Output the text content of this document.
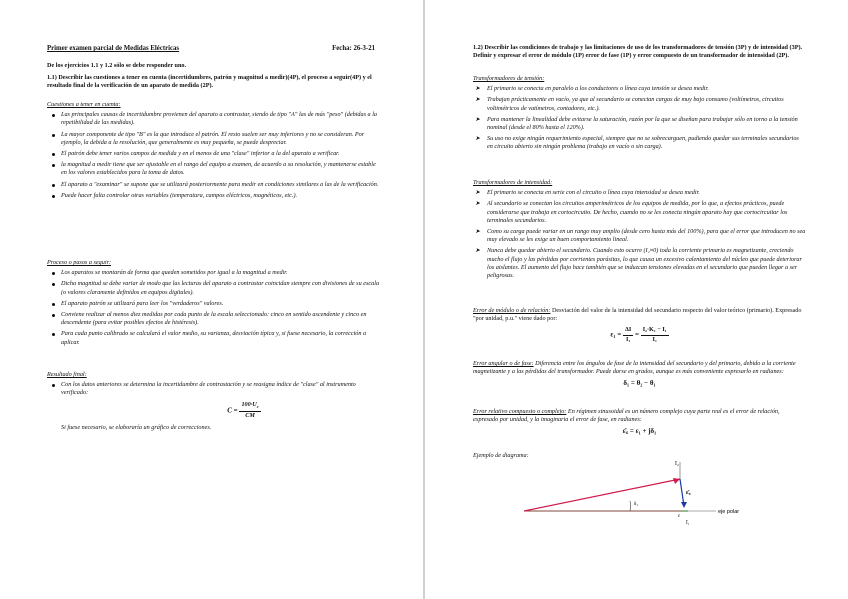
Primer examen parcial de Medidas Eléctricas	Fecha: 26-3-21
De los ejercicios 1.1 y 1.2 sólo se debe responder uno.
1.1) Describir las cuestiones a tener en cuenta (incertidumbres, patrón y magnitud a medir)(4P), el proceso a seguir(4P) y el resultado final de la verificación de un aparato de medida (2P).
Cuestiones a tener en cuenta:
Las principales causas de incertidumbre provienen del aparato a contrastar, siendo de tipo "A" las de más "peso" (debidas a la repetibilidad de las medidas).
La mayor componente de tipo "B" es la que introduce el patrón. El resto suelen ser muy inferiores y no se consideran. Por ejemplo, la debida a la resolución, que generalmente es muy pequeña, se puede despreciar.
El patrón debe tener varios campos de medida y en el menos de una "clase" inferior a la del aparato a verificar.
la magnitud a medir tiene que ser ajustable en el rango del equipo a examen, de acuerdo a su resolución, y mantenerse estable en los valores establecidos para la toma de datos.
El aparato a "examinar" se supone que se utilizará posteriormente para medir en condiciones similares a las de la verificación.
Puede hacer falta controlar otras variables (temperatura, campos eléctricos, magnéticos, etc.).
Proceso o pasos a seguir:
Los aparatos se montarán de forma que queden sometidos por igual a la magnitud a medir.
Dicha magnitud se debe variar de modo que las lecturas del aparato a contrastar coincidan siempre con divisiones de su escala (o valores claramente definidos en equipos digitales).
El aparato patrón se utilizará para leer los "verdaderos" valores.
Conviene realizar al menos diez medidas por cada punto de la escala seleccionado: cinco en sentido ascendente y cinco en descendente (para evitar posibles efectos de histéresis).
Para cada punto calibrado se calculará el valor medio, su varianza, desviación típica y, si fuese necesario, la corrección a aplicar.
Resultado final:
Con los datos anteriores se determina la incertidumbre de contrastación y se reasigna índice de "clase" al instrumento verificado:
$C = \frac{100\cdot U_c}{CM}$
Si fuese necesario, se elaboraría un gráfico de correcciones.
1.2) Describir las condiciones de trabajo y las limitaciones de uso de los transformadores de tensión (3P) y de intensidad (3P). Definir y expresar el error de módulo (1P) error de fase (1P) y error compuesto de un transformador de intensidad (2P).
Transformadores de tensión:
➤ El primario se conecta en paralelo a los conductores o línea cuya tensión se desea medir.
➤ Trabajan prácticamente en vacío, ya que al secundario se conectan cargas de muy bajo consumo (voltímetros, circuitos voltimétricos de vatímetros, contadores, etc.).
➤ Para mantener la linealidad debe evitarse la saturación, razón por la que se diseñan para trabajar sólo en torno a la tensión nominal (desde el 80% hasta el 120%).
➤ Su uso no exige ningún requerimiento especial, siempre que no se sobrecarguen, pudiendo quedar sus terminales secundarios en circuito abierto sin ningún problema (trabajo en vacío o sin carga).
Transformadores de intensidad:
➤ El primario se conecta en serie con el circuito o línea cuya intensidad se desea medir.
➤ Al secundario se conectan los circuitos amperimétricos de los equipos de medida, por lo que, a efectos prácticos, puede considerarse que trabaja en cortocircuito. De hecho, cuando no se les conecta ningún aparato hay que cortocircuitar los terminales secundarios.
➤ Como su carga puede variar en un rango muy amplio (desde cero hasta más del 100%), para que el error que introducen no sea muy elevado se les exige un buen comportamiento lineal.
➤ Nunca debe quedar abierto el secundario. Cuando esto ocurre (I₂≈0) toda la corriente primaria es magnetizante, creciendo mucho el flujo y las pérdidas por corrientes parásitas, lo que causa un excesivo calentamiento del núcleo que puede deteriorar los aislantes. El aumento del flujo hace también que se induzcan tensiones elevadas en el secundario que pueden llegar a ser peligrosas.
Error de módulo o de relación: Desviación del valor de la intensidad del secundario respecto del valor teórico (primario). Expresado "por unidad, p.u." viene dado por:
$\varepsilon_1 = \frac{\Delta I}{\text{I₁}} = \frac{\text{I₂·K₁ − I₁}}{\text{I₁}}$
Error angular o de fase: Diferencia entre los ángulos de fase de la intensidad del secundario y del primario, debido a la corriente magnetizante y a las pérdidas del transformador. Puede darse en grados, aunque es más conveniente expresarlo en radianes:
δ₁ = θ₂ − θ₁
Error relativo compuesto o complejo: En régimen sinusoidal es un número complejo cuya parte real es el error de relación, expresado por unidad, y la imaginaria el error de fase, en radianes:
ε̄꜀ = ε₁ + jδ₁
Ejemplo de diagrama:
Ī₂
δ₁
ε̄꜀
ε
Ī₁
eje polar
